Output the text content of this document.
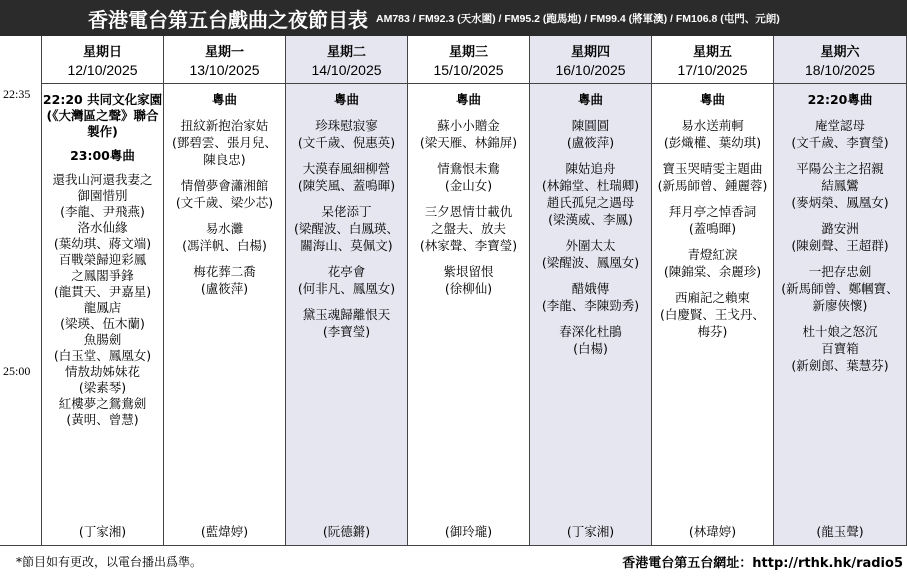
香港電台第五台戲曲之夜節目表 AM783 / FM92.3 (天水圍) / FM95.2 (跑馬地) / FM99.4 (將軍澳) / FM106.8 (屯門、元朗)
22:35
25:00
星期日
12/10/2025
22:20 共同文化家園
(《大灣區之聲》聯合
製作)
23:00粵曲
還我山河還我妻之
御園惜別
(李龍、尹飛燕)
洛水仙緣
(葉幼琪、蔣文端)
百戰榮歸迎彩鳳
之鳳閣爭鋒
(龍貫天、尹嘉星)
龍鳳店
(梁瑛、伍木蘭)
魚腸劍
(白玉堂、鳳凰女)
情敖劫姊妹花
(梁素琴)
紅樓夢之鴛鴦劍
(黃明、曾慧)
(丁家湘)
星期一
13/10/2025
粵曲
扭紋新抱治家姑
(鄧碧雲、張月兒、
陳良忠)
情僧夢會瀟湘館
(文千歲、梁少芯)
易水灘
(馮洋帆、白楊)
梅花葬二喬
(盧筱萍)
(藍煒婷)
星期二
14/10/2025
粵曲
珍珠慰寂寥
(文千歲、倪惠英)
大漠春風細柳營
(陳笑風、蓋鳴暉)
呆佬添丁
(梁醒波、白鳳瑛、
關海山、莫佩文)
花亭會
(何非凡、鳳凰女)
黛玉魂歸離恨天
(李寶瑩)
(阮德鏘)
星期三
15/10/2025
粵曲
蘇小小贈金
(梁天雁、林錦屏)
情鴦恨未鴦
(金山女)
三夕恩情廿載仇
之盤夫、放夫
(林家聲、李寶瑩)
紫垠留恨
(徐柳仙)
(御玲瓏)
星期四
16/10/2025
粵曲
陳圓圓
(盧筱萍)
陳姑追舟
(林錦堂、杜瑞卿)
趙氏孤兒之遇母
(梁漢威、李鳳)
外圍太太
(梁醒波、鳳凰女)
醋娥傳
(李龍、李陳勁秀)
春深化杜鵑
(白楊)
(丁家湘)
星期五
17/10/2025
粵曲
易水送荊軻
(彭熾權、葉幼琪)
寶玉哭晴雯主題曲
(新馬師曾、鍾麗蓉)
拜月亭之悼香詞
(蓋鳴暉)
青燈紅淚
(陳錦棠、余麗珍)
西廂記之賴柬
(白慶賢、王戈丹、
梅芬)
(林瑋婷)
星期六
18/10/2025
22:20粵曲
庵堂認母
(文千歲、李寶瑩)
平陽公主之招親
結鳳鸞
(麥炳榮、鳳凰女)
潞安洲
(陳劍聲、王超群)
一把存忠劍
(新馬師曾、鄭幗寶、
新廖俠懷)
杜十娘之怒沉
百寶箱
(新劍郎、葉慧芬)
(龍玉聲)
*節目如有更改，以電台播出爲準。	香港電台第五台網址：http://rthk.hk/radio5
